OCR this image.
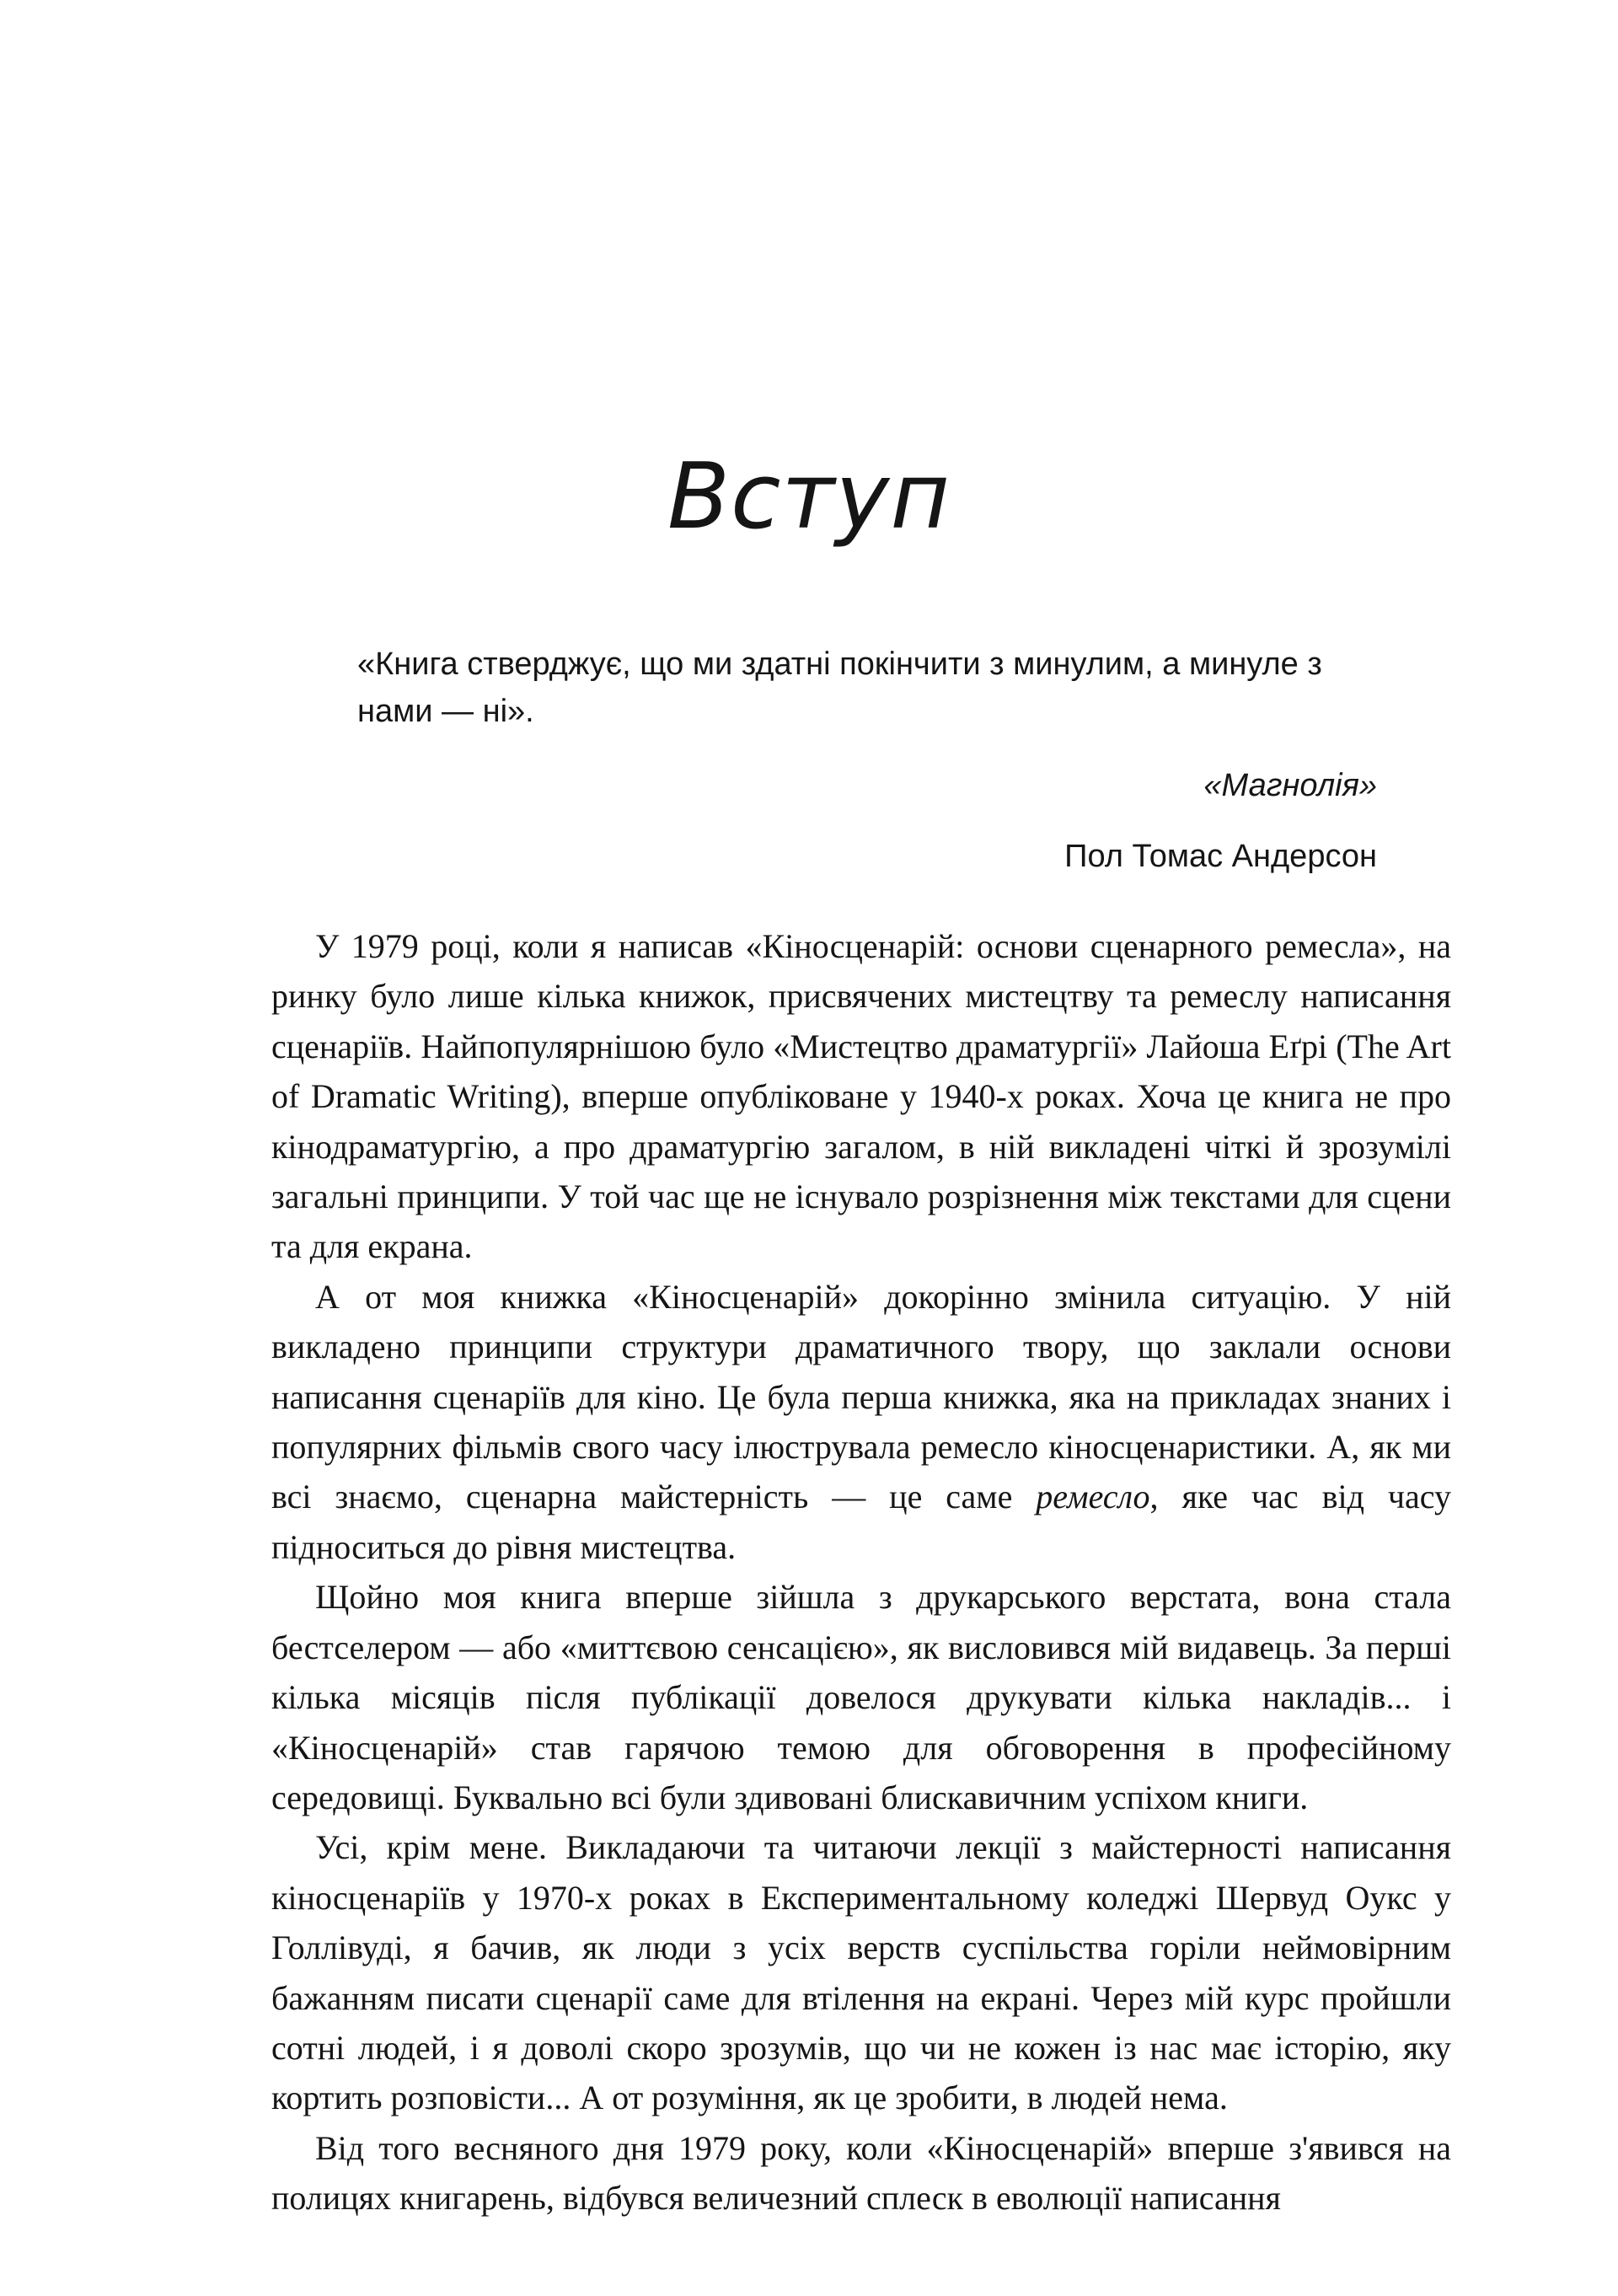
Вступ

«Книга стверджує, що ми здатні покінчити з минулим, а минуле з нами — ні».

«Магнолія»

Пол Томас Андерсон

У 1979 році, коли я написав «Кіносценарій: основи сценарного ремесла», на ринку було лише кілька книжок, присвячених мистецтву та ремеслу написання сценаріїв. Найпопулярнішою було «Мистецтво драматургії» Лайоша Еґрі (The Art of Dramatic Writing), вперше опубліковане у 1940-х роках. Хоча це книга не про кінодраматургію, а про драматургію загалом, в ній викладені чіткі й зрозумілі загальні принципи. У той час ще не існувало розрізнення між текстами для сцени та для екрана.

А от моя книжка «Кіносценарій» докорінно змінила ситуацію. У ній викладено принципи структури драматичного твору, що заклали основи написання сценаріїв для кіно. Це була перша книжка, яка на прикладах знаних і популярних фільмів свого часу ілюструвала ремесло кіносценаристики. А, як ми всі знаємо, сценарна майстерність — це саме ремесло, яке час від часу підноситься до рівня мистецтва.

Щойно моя книга вперше зійшла з друкарського верстата, вона стала бестселером — або «миттєвою сенсацією», як висловився мій видавець. За перші кілька місяців після публікації довелося друкувати кілька накладів... і «Кіносценарій» став гарячою темою для обговорення в професійному середовищі. Буквально всі були здивовані блискавичним успіхом книги.

Усі, крім мене. Викладаючи та читаючи лекції з майстерності написання кіносценаріїв у 1970-х роках в Експериментальному коледжі Шервуд Оукс у Голлівуді, я бачив, як люди з усіх верств суспільства горіли неймовірним бажанням писати сценарії саме для втілення на екрані. Через мій курс пройшли сотні людей, і я доволі скоро зрозумів, що чи не кожен із нас має історію, яку кортить розповісти... А от розуміння, як це зробити, в людей нема.

Від того весняного дня 1979 року, коли «Кіносценарій» вперше з'явився на полицях книгарень, відбувся величезний сплеск в еволюції написання
